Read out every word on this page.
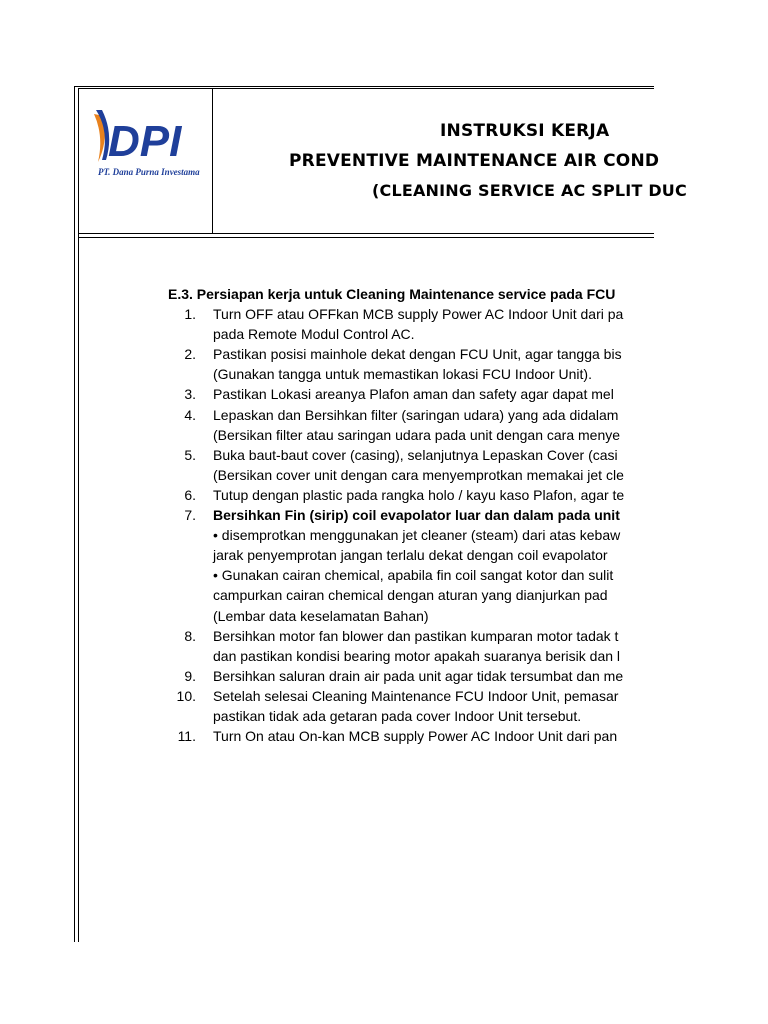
DPI
PT. Dana Purna Investama
INSTRUKSI KERJA
PREVENTIVE MAINTENANCE AIR COND
(CLEANING SERVICE AC SPLIT DUC
E.3. Persiapan kerja untuk Cleaning Maintenance service pada FCU
1. Turn OFF atau OFFkan MCB supply Power AC Indoor Unit dari pa
pada Remote Modul Control AC.
2. Pastikan posisi mainhole dekat dengan FCU Unit, agar tangga bis
(Gunakan tangga untuk memastikan lokasi FCU Indoor Unit).
3. Pastikan Lokasi areanya Plafon aman dan safety agar dapat mel
4. Lepaskan dan Bersihkan filter (saringan udara) yang ada didalam
(Bersikan filter atau saringan udara pada unit dengan cara menye
5. Buka baut-baut cover (casing), selanjutnya Lepaskan Cover (casi
(Bersikan cover unit dengan cara menyemprotkan memakai jet cle
6. Tutup dengan plastic pada rangka holo / kayu kaso Plafon, agar te
7. Bersihkan Fin (sirip) coil evapolator luar dan dalam pada unit
• disemprotkan menggunakan jet cleaner (steam) dari atas kebaw
jarak penyemprotan jangan terlalu dekat dengan coil evapolator
• Gunakan cairan chemical, apabila fin coil sangat kotor dan sulit
campurkan cairan chemical dengan aturan yang dianjurkan pad
(Lembar data keselamatan Bahan)
8. Bersihkan motor fan blower dan pastikan kumparan motor tadak t
dan pastikan kondisi bearing motor apakah suaranya berisik dan l
9. Bersihkan saluran drain air pada unit agar tidak tersumbat dan me
10. Setelah selesai Cleaning Maintenance FCU Indoor Unit, pemasar
pastikan tidak ada getaran pada cover Indoor Unit tersebut.
11. Turn On atau On-kan MCB supply Power AC Indoor Unit dari pan
